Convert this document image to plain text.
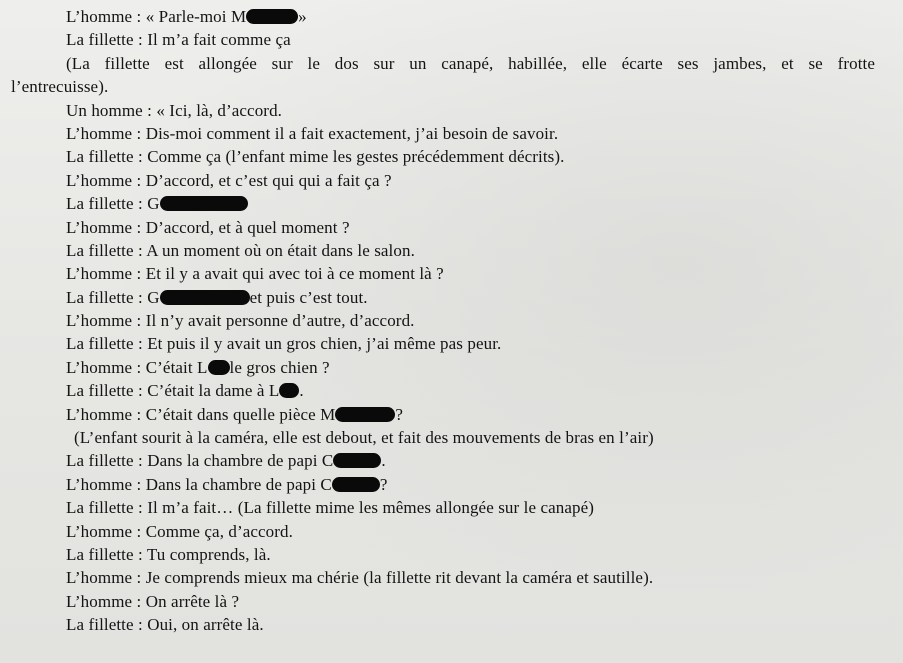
L’homme : « Parle-moi M	»
La fillette : Il m’a fait comme ça
(La fillette est allongée sur le dos sur un canapé, habillée, elle écarte ses jambes, et se frotte
l’entrecuisse).
Un homme : « Ici, là, d’accord.
L’homme : Dis-moi comment il a fait exactement, j’ai besoin de savoir.
La fillette : Comme ça (l’enfant mime les gestes précédemment décrits).
L’homme : D’accord, et c’est qui qui a fait ça ?
La fillette : G
L’homme : D’accord, et à quel moment ?
La fillette : A un moment où on était dans le salon.
L’homme : Et il y a avait qui avec toi à ce moment là ?
La fillette : G	et puis c’est tout.
L’homme : Il n’y avait personne d’autre, d’accord.
La fillette : Et puis il y avait un gros chien, j’ai même pas peur.
L’homme : C’était L le gros chien ?
La fillette : C’était la dame à L .
L’homme : C’était dans quelle pièce M	?
(L’enfant sourit à la caméra, elle est debout, et fait des mouvements de bras en l’air)
La fillette : Dans la chambre de papi C	.
L’homme : Dans la chambre de papi C	?
La fillette : Il m’a fait… (La fillette mime les mêmes allongée sur le canapé)
L’homme : Comme ça, d’accord.
La fillette : Tu comprends, là.
L’homme : Je comprends mieux ma chérie (la fillette rit devant la caméra et sautille).
L’homme : On arrête là ?
La fillette : Oui, on arrête là.
